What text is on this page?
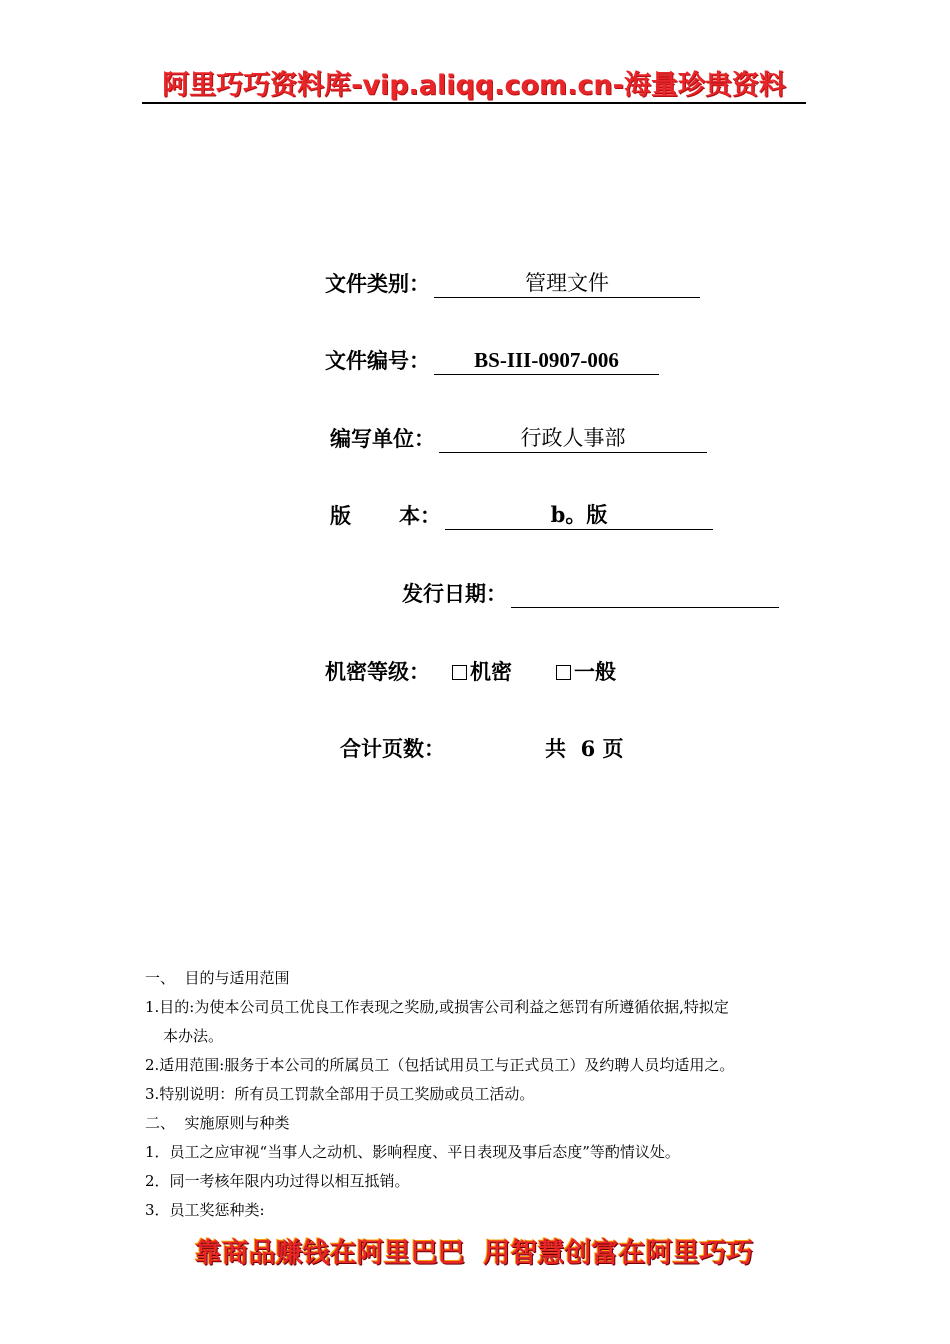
阿里巧巧资料库-vip.aliqq.com.cn-海量珍贵资料
文件类别：	管理文件
文件编号：	BS-III-0907-006
编写单位：	行政人事部
版 本：	b。版
发行日期：
机密等级：	机密	一般
合计页数：	共  6 页
一、  目的与适用范围
1.目的:为使本公司员工优良工作表现之奖励,或损害公司利益之惩罚有所遵循依据,特拟定
本办法。
2.适用范围:服务于本公司的所属员工（包括试用员工与正式员工）及约聘人员均适用之。
3.特别说明：所有员工罚款全部用于员工奖励或员工活动。
二、  实施原则与种类
1．员工之应审视“当事人之动机、影响程度、平日表现及事后态度”等酌情议处。
2．同一考核年限内功过得以相互抵销。
3．员工奖惩种类:
靠商品赚钱在阿里巴巴  用智慧创富在阿里巧巧
